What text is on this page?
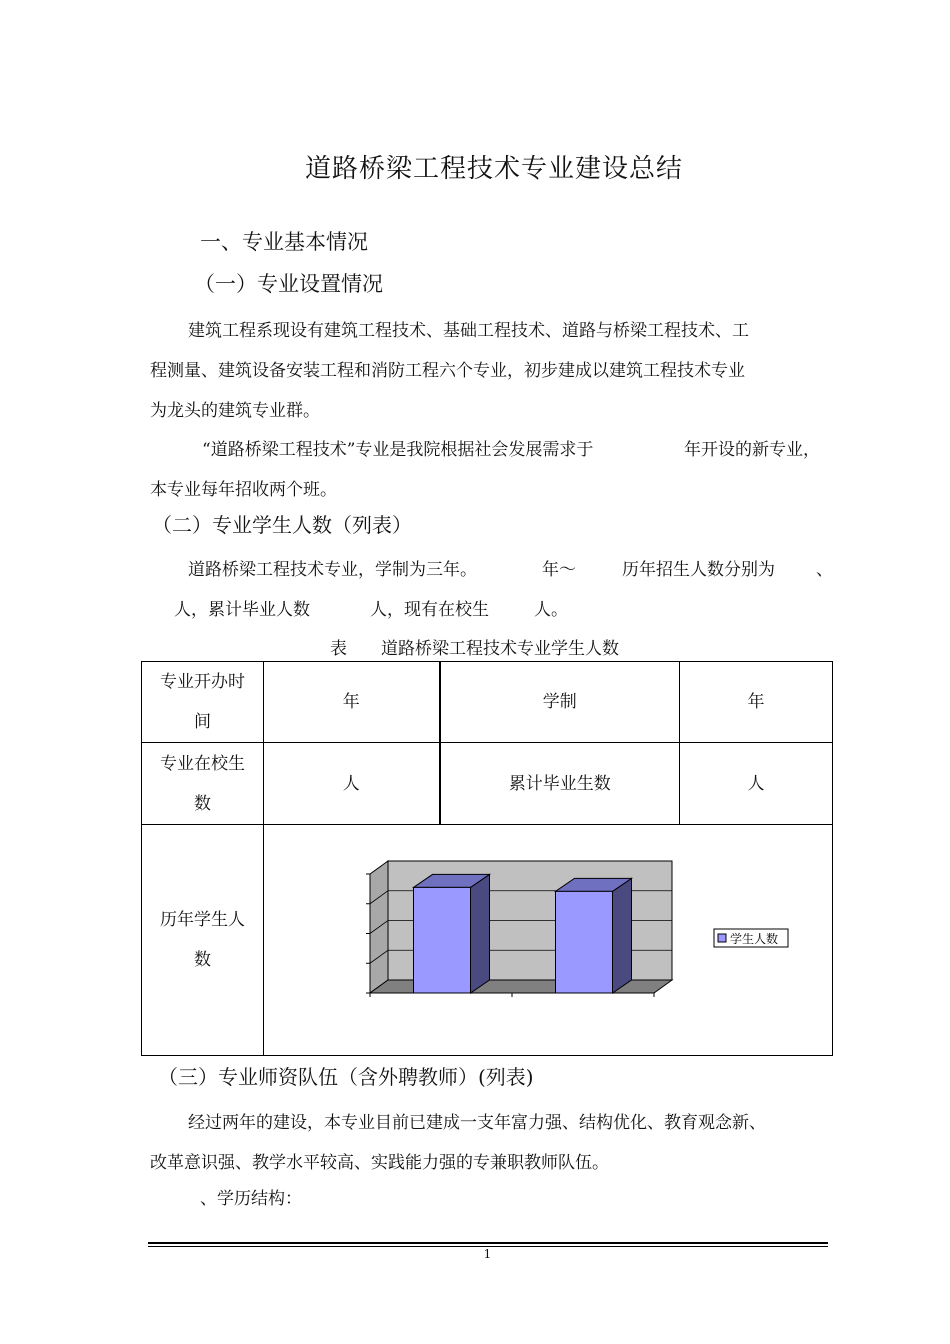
道路桥梁工程技术专业建设总结
一、专业基本情况
（一）专业设置情况
建筑工程系现设有建筑工程技术、基础工程技术、道路与桥梁工程技术、工
程测量、建筑设备安装工程和消防工程六个专业，初步建成以建筑工程技术专业
为龙头的建筑专业群。
“道路桥梁工程技术”专业是我院根据社会发展需求于	年开设的新专业，
本专业每年招收两个班。
（二）专业学生人数（列表）
道路桥梁工程技术专业，学制为三年。	年～	历年招生人数分别为 、
人，累计毕业人数	人，现有在校生	人。
表 道路桥梁工程技术专业学生人数
专业开办时间	年	学制	年

专业在校生数	人	累计毕业生数	人

历年学生人数	学生人数		
（三）专业师资队伍（含外聘教师）(列表)
经过两年的建设，本专业目前已建成一支年富力强、结构优化、教育观念新、
改革意识强、教学水平较高、实践能力强的专兼职教师队伍。
、学历结构：
1
